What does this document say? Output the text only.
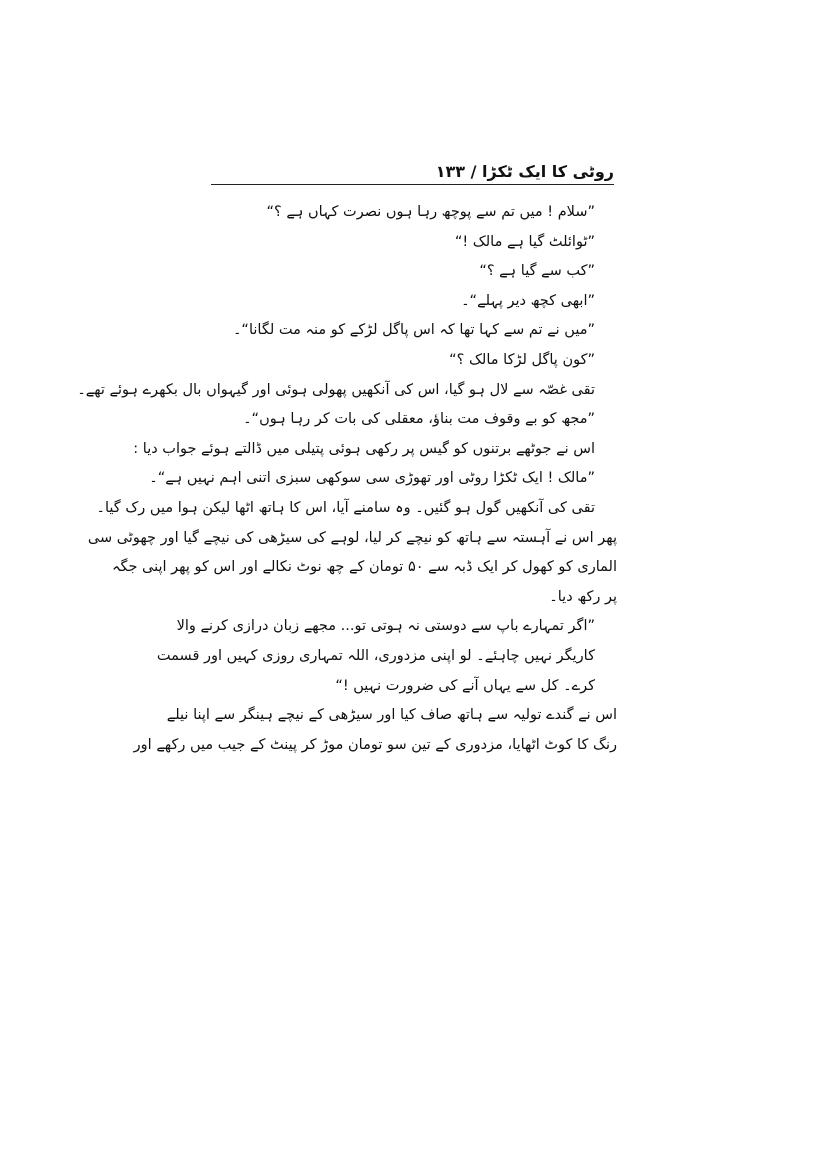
روٹی کا ایک ٹکڑا / ۱۳۳

”سلام ! میں تم سے پوچھ رہا ہوں نصرت کہاں ہے ؟“

”ٹوائلٹ گیا ہے مالک !“

”کب سے گیا ہے ؟“

”ابھی کچھ دیر پہلے“۔

”میں نے تم سے کہا تھا کہ اس پاگل لڑکے کو منہ مت لگانا“۔

”کون پاگل لڑکا مالک ؟“

تقی غصّہ سے لال ہو گیا، اس کی آنکھیں پھولی ہوئی اور گیہواں بال بکھرے ہوئے تھے۔

”مجھ کو بے وقوف مت بناؤ، معقلی کی بات کر رہا ہوں“۔

اس نے جوٹھے برتنوں کو گیس پر رکھی ہوئی پتیلی میں ڈالتے ہوئے جواب دیا :

”مالک ! ایک ٹکڑا روٹی اور تھوڑی سی سوکھی سبزی اتنی اہم نہیں ہے“۔

تقی کی آنکھیں گول ہو گئیں۔ وہ سامنے آیا، اس کا ہاتھ اٹھا لیکن ہوا میں رک گیا۔

پھر اس نے آہستہ سے ہاتھ کو نیچے کر لیا، لوہے کی سیڑھی کی نیچے گیا اور چھوٹی سی

الماری کو کھول کر ایک ڈبہ سے ۵۰ تومان کے چھ نوٹ نکالے اور اس کو پھر اپنی جگہ

پر رکھ دیا۔

”اگر تمہارے باپ سے دوستی نہ ہوتی تو... مجھے زبان درازی کرنے والا

کاریگر نہیں چاہئے۔ لو اپنی مزدوری، اللہ تمہاری روزی کہیں اور قسمت

کرے۔ کل سے یہاں آنے کی ضرورت نہیں !“

اس نے گندے تولیہ سے ہاتھ صاف کیا اور سیڑھی کے نیچے ہینگر سے اپنا نیلے

رنگ کا کوٹ اٹھایا، مزدوری کے تین سو تومان موڑ کر پینٹ کے جیب میں رکھے اور
